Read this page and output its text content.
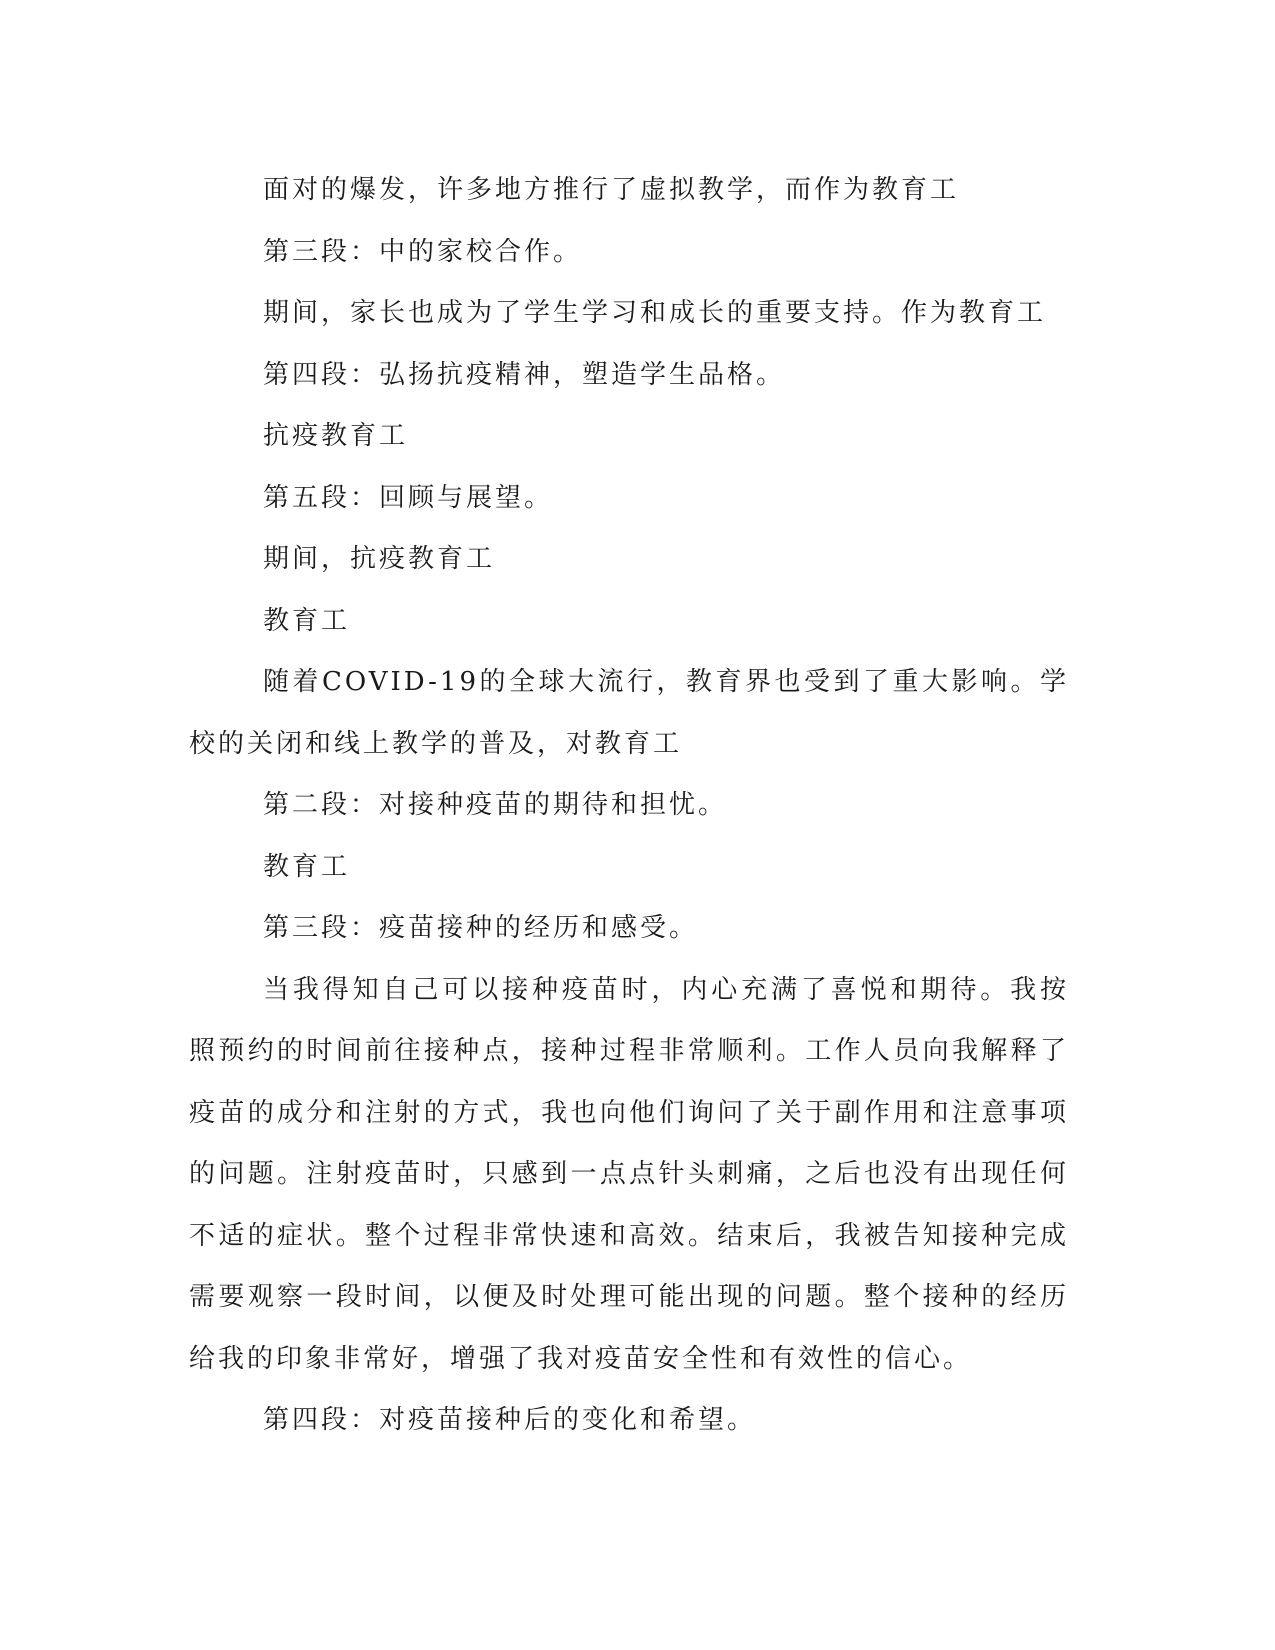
面对的爆发，许多地方推行了虚拟教学，而作为教育工

第三段：中的家校合作。

期间，家长也成为了学生学习和成长的重要支持。作为教育工

第四段：弘扬抗疫精神，塑造学生品格。

抗疫教育工

第五段：回顾与展望。

期间，抗疫教育工

教育工

随着COVID-19的全球大流行，教育界也受到了重大影响。学校的关闭和线上教学的普及，对教育工

第二段：对接种疫苗的期待和担忧。

教育工

第三段：疫苗接种的经历和感受。

当我得知自己可以接种疫苗时，内心充满了喜悦和期待。我按照预约的时间前往接种点，接种过程非常顺利。工作人员向我解释了疫苗的成分和注射的方式，我也向他们询问了关于副作用和注意事项的问题。注射疫苗时，只感到一点点针头刺痛，之后也没有出现任何不适的症状。整个过程非常快速和高效。结束后，我被告知接种完成需要观察一段时间，以便及时处理可能出现的问题。整个接种的经历给我的印象非常好，增强了我对疫苗安全性和有效性的信心。

第四段：对疫苗接种后的变化和希望。
